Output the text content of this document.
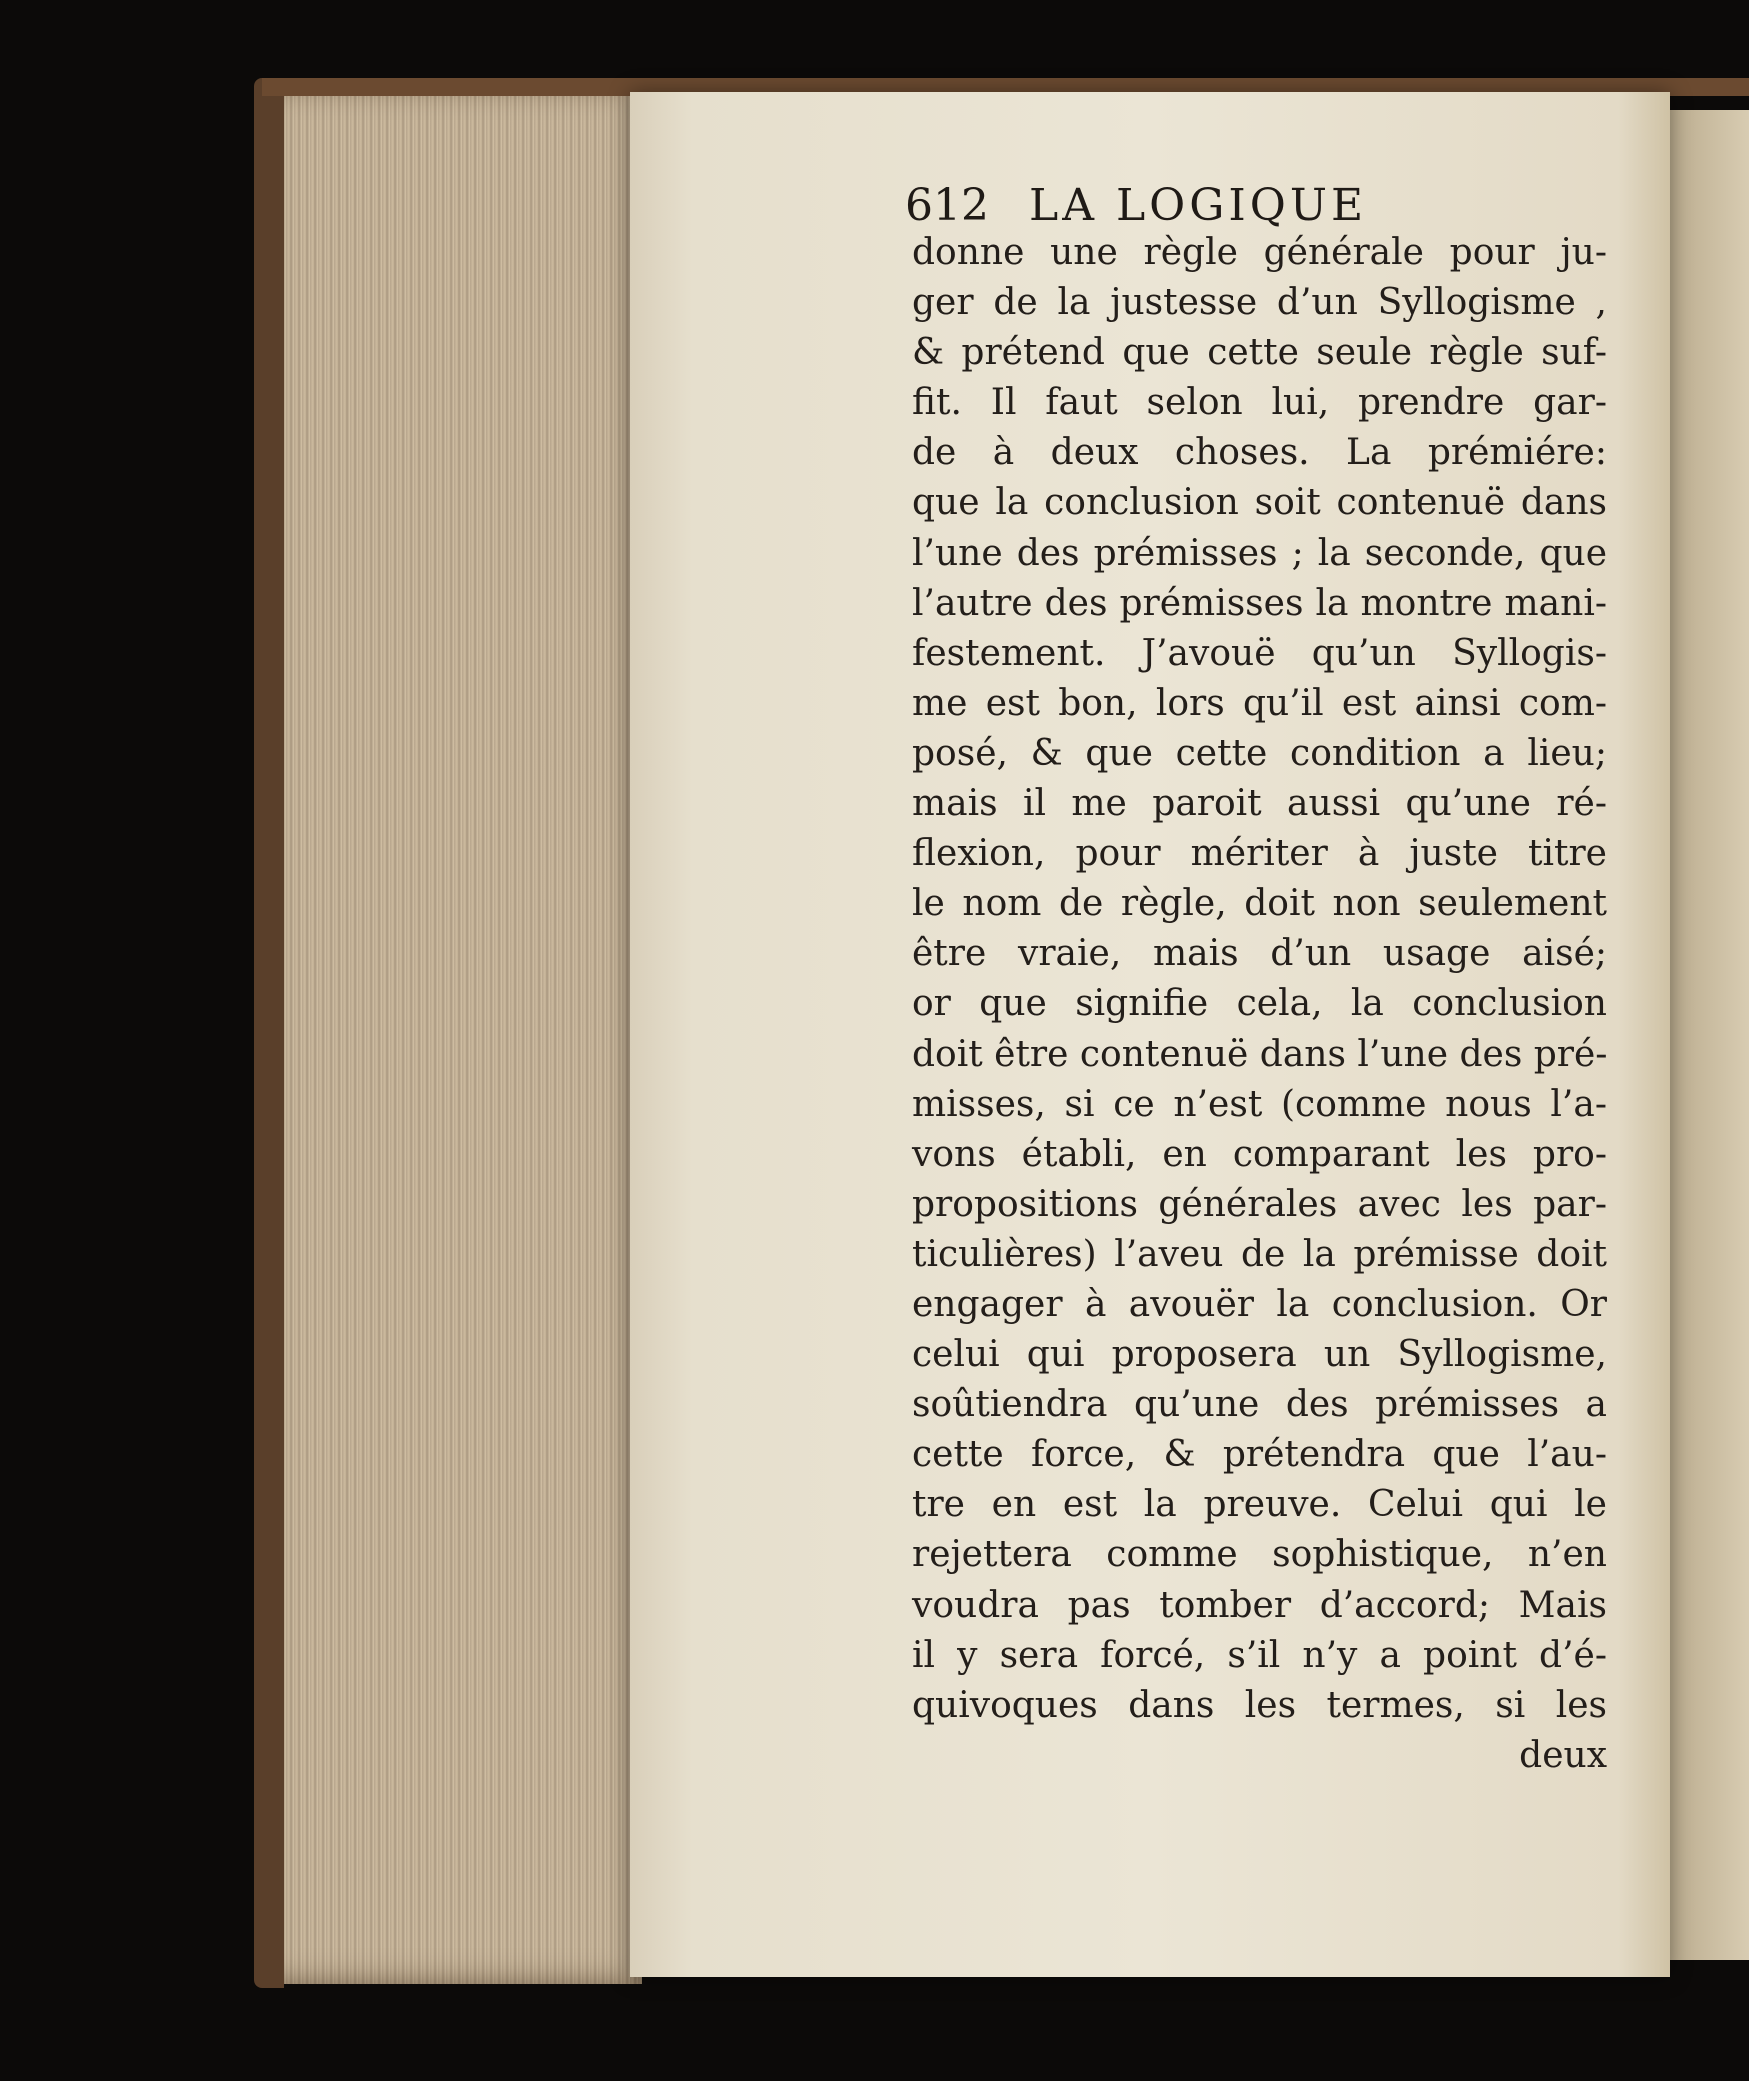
612 LA LOGIQUE
donne une règle générale pour ju-
ger de la justesse d’un Syllogisme ,
& prétend que cette seule règle suf-
fit. Il faut selon lui, prendre gar-
de à deux choses. La prémiére:
que la conclusion soit contenuë dans
l’une des prémisses ; la seconde, que
l’autre des prémisses la montre mani-
festement. J’avouë qu’un Syllogis-
me est bon, lors qu’il est ainsi com-
posé, & que cette condition a lieu;
mais il me paroit aussi qu’une ré-
flexion, pour mériter à juste titre
le nom de règle, doit non seulement
être vraie, mais d’un usage aisé;
or que signifie cela, la conclusion
doit être contenuë dans l’une des pré-
misses, si ce n’est (comme nous l’a-
vons établi, en comparant les pro-
propositions générales avec les par-
ticulières) l’aveu de la prémisse doit
engager à avouër la conclusion. Or
celui qui proposera un Syllogisme,
soûtiendra qu’une des prémisses a
cette force, & prétendra que l’au-
tre en est la preuve. Celui qui le
rejettera comme sophistique, n’en
voudra pas tomber d’accord; Mais
il y sera forcé, s’il n’y a point d’é-
quivoques dans les termes, si les
deux
